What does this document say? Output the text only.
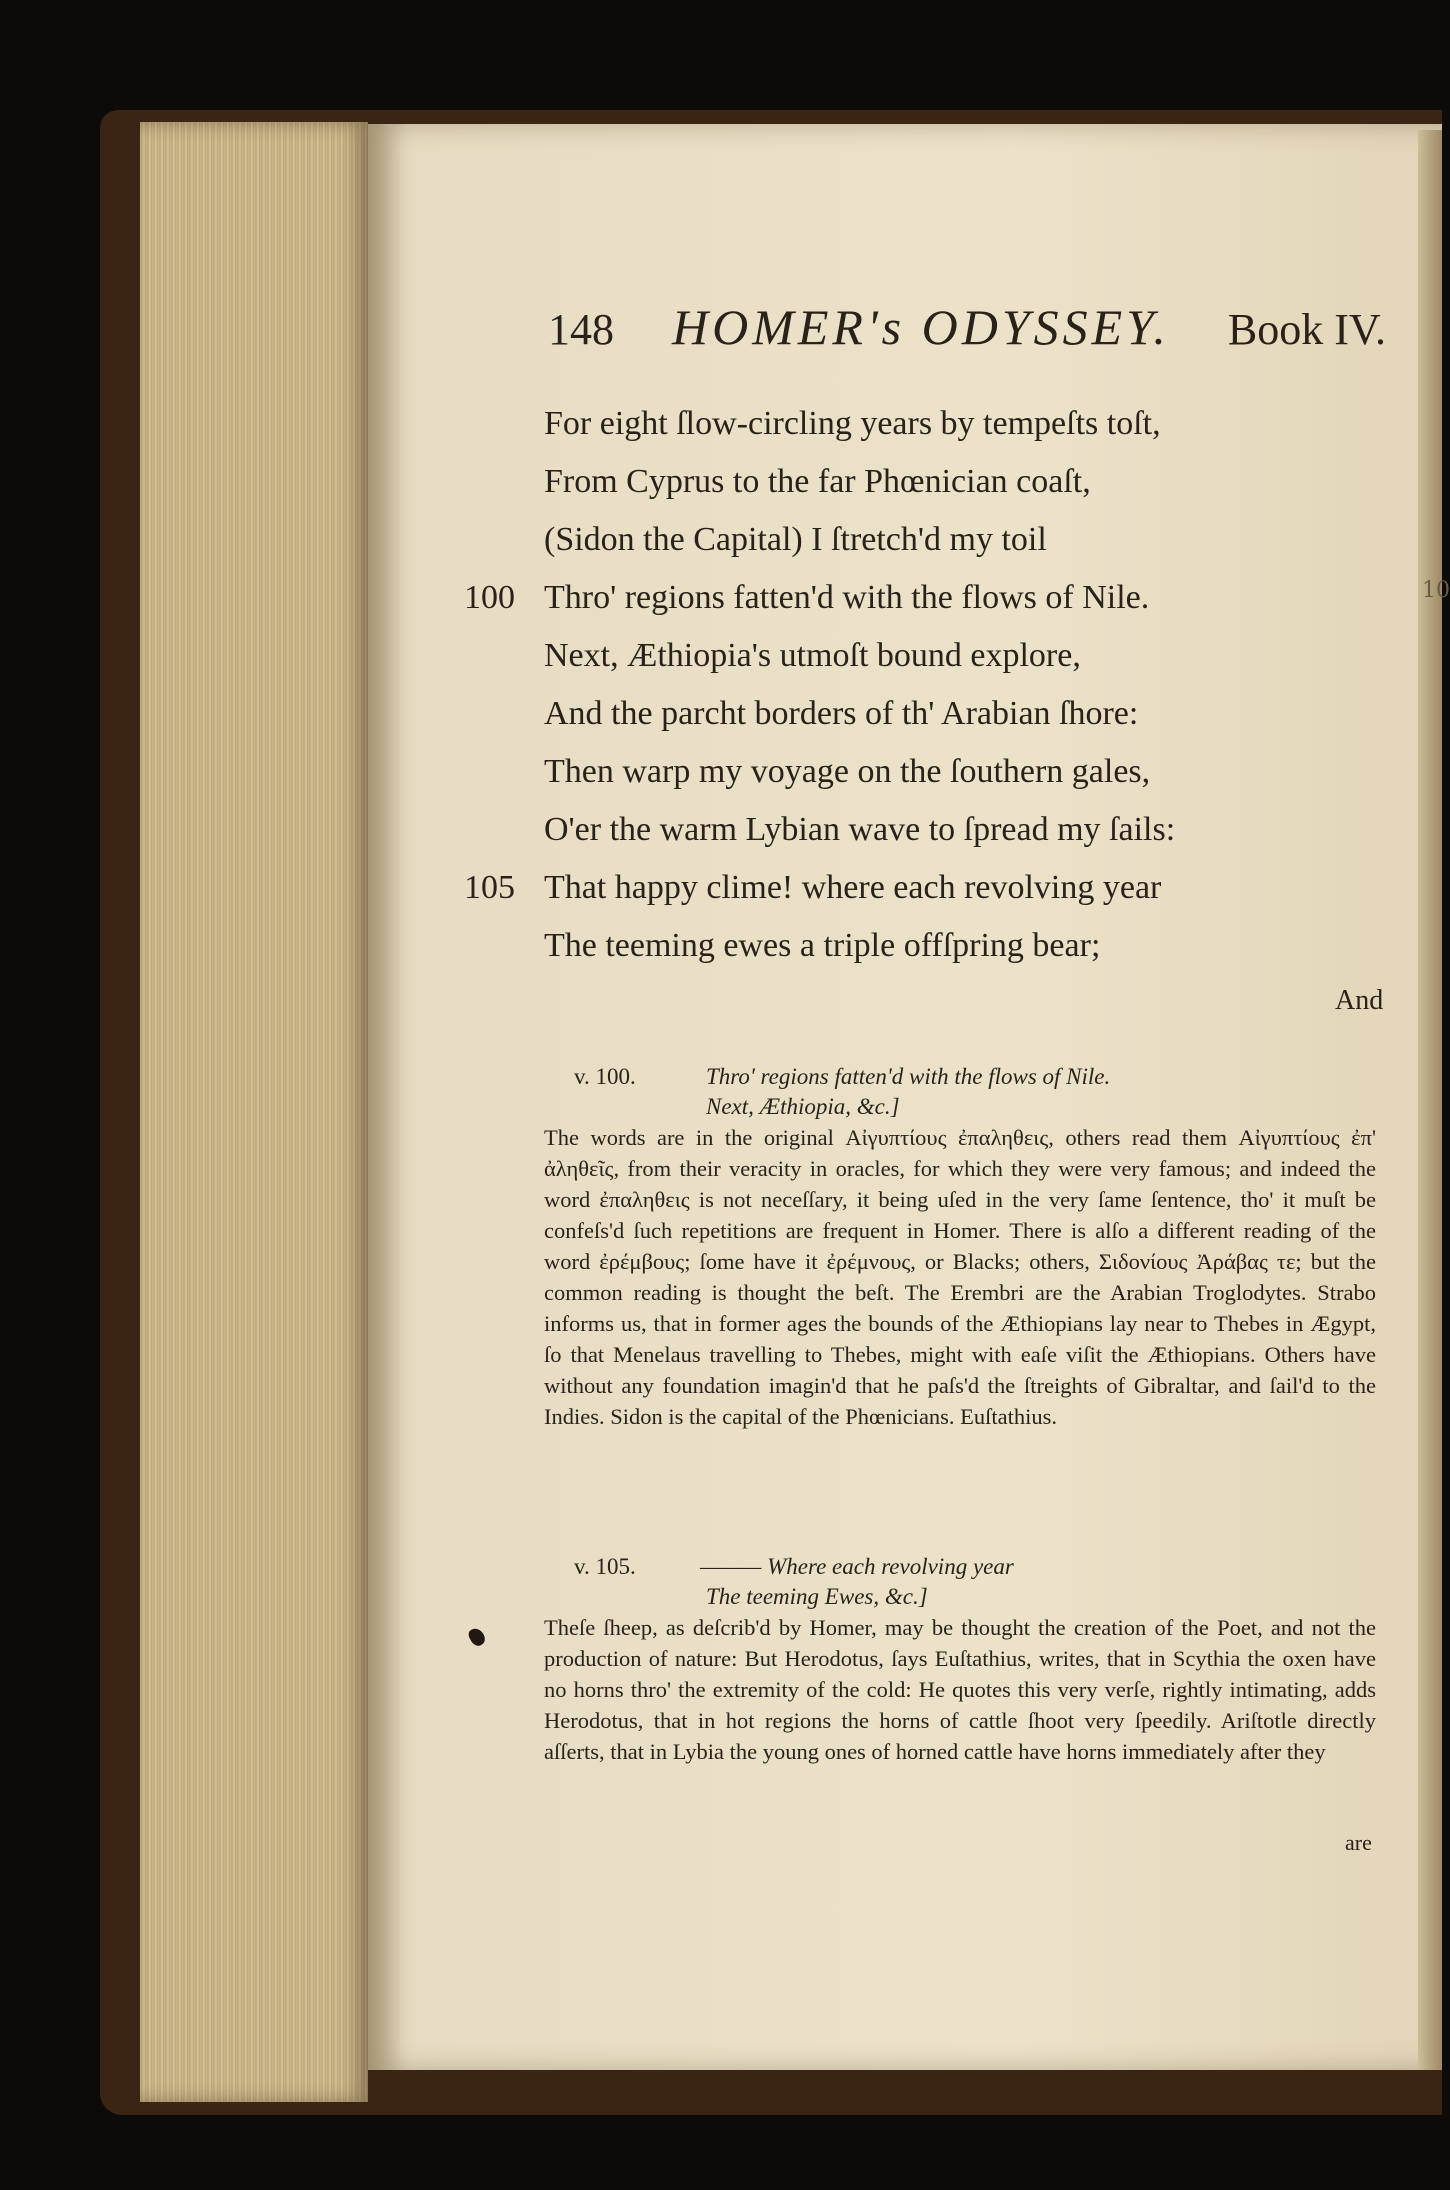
10
148 HOMER's ODYSSEY. Book IV.
For eight ſlow-circling years by tempeſts toſt,
From Cyprus to the far Phœnician coaſt,
(Sidon the Capital) I ſtretch'd my toil
100 Thro' regions fatten'd with the flows of Nile.
Next, Æthiopia's utmoſt bound explore,
And the parcht borders of th' Arabian ſhore:
Then warp my voyage on the ſouthern gales,
O'er the warm Lybian wave to ſpread my ſails:
105 That happy clime! where each revolving year
The teeming ewes a triple offſpring bear;
And
v. 100.	Thro' regions fatten'd with the flows of Nile.
Next, Æthiopia, &c.]
The words are in the original Αἰγυπτίους ἐπαληθεις, others read them Αἰγυπτίους ἐπ' ἀληθεῖς, from their veracity in oracles, for which they were very famous; and indeed the word ἐπαληθεις is not neceſſary, it being uſed in the very ſame ſentence, tho' it muſt be confeſs'd ſuch repetitions are frequent in Homer. There is alſo a different reading of the word ἐρέμβους; ſome have it ἐρέμνους, or Blacks; others, Σιδονίους Ἀράβας τε; but the common reading is thought the beſt. The Erembri are the Arabian Troglodytes. Strabo informs us, that in former ages the bounds of the Æthiopians lay near to Thebes in Ægypt, ſo that Menelaus travelling to Thebes, might with eaſe viſit the Æthiopians. Others have without any foundation imagin'd that he paſs'd the ſtreights of Gibraltar, and ſail'd to the Indies. Sidon is the capital of the Phœnicians. Euſtathius.
v. 105.	——— Where each revolving year
The teeming Ewes, &c.]
Theſe ſheep, as deſcrib'd by Homer, may be thought the creation of the Poet, and not the production of nature: But Herodotus, ſays Euſtathius, writes, that in Scythia the oxen have no horns thro' the extremity of the cold: He quotes this very verſe, rightly intimating, adds Herodotus, that in hot regions the horns of cattle ſhoot very ſpeedily. Ariſtotle directly aſſerts, that in Lybia the young ones of horned cattle have horns immediately after they
are
